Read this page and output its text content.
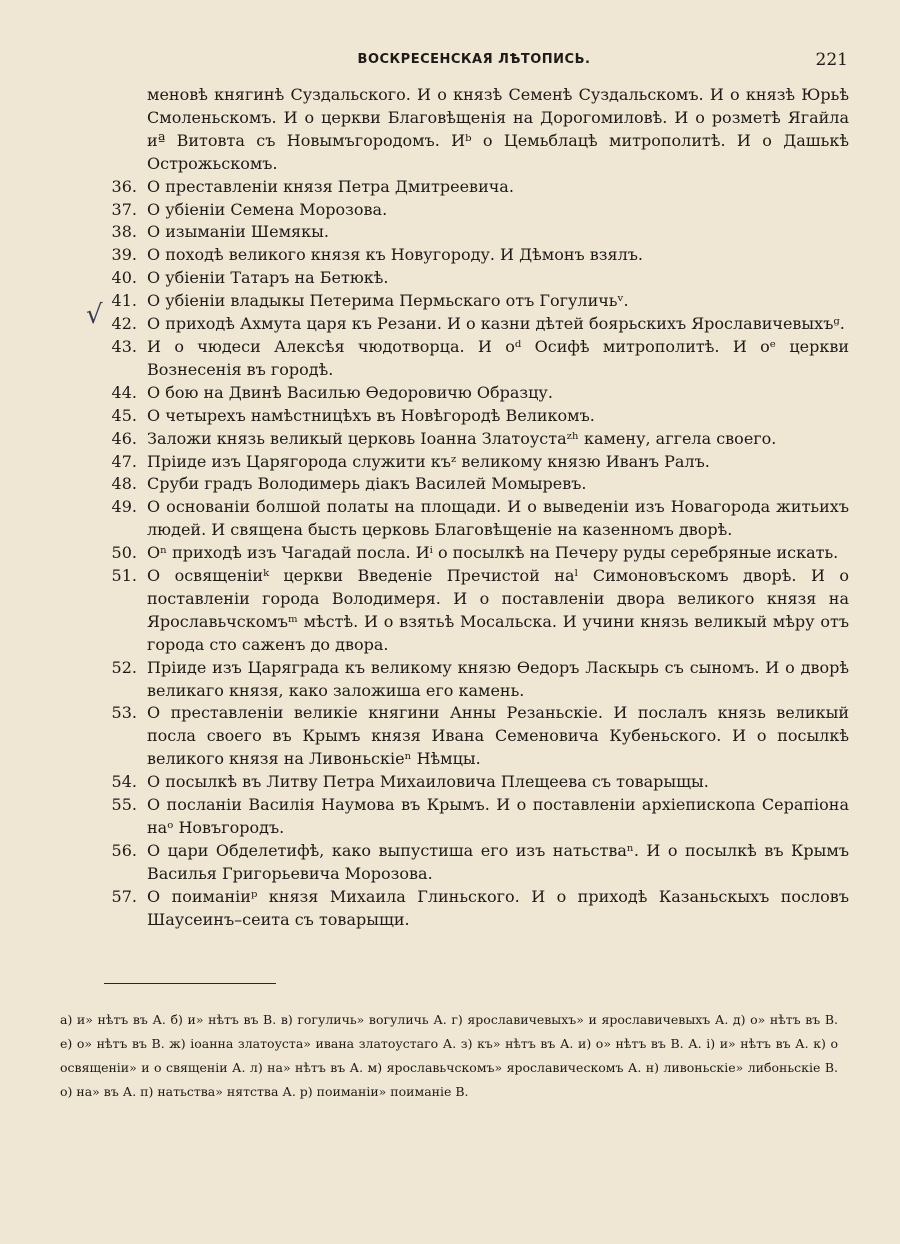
ВОСКРЕСЕНСКАЯ ЛѢТОПИСЬ.	221
√
меновѣ княгинѣ Суздальского. И о князѣ Семенѣ Суздальскомъ. И о князѣ Юрьѣ Смоленьскомъ. И о церкви Благовѣщенія на Дорогомиловѣ. И о розметѣ Ягайла иª Витовта съ Новымъгородомъ. Иᵇ о Цемьблацѣ митрополитѣ. И о Дашькѣ Острожьскомъ.
36. О преставленіи князя Петра Дмитреевича.
37. О убіеніи Семена Морозова.
38. О изыманіи Шемякы.
39. О походѣ великого князя къ Новугороду. И Дѣмонъ взялъ.
40. О убіеніи Татаръ на Бетюкѣ.
41. О убіеніи владыкы Петерима Пермьскаго отъ Гогуличьᵛ.
42. О приходѣ Ахмута царя къ Резани. И о казни дѣтей боярьскихъ Ярославичевыхъᵍ.
43. И о чюдеси Алексѣя чюдотворца. И оᵈ Осифѣ митрополитѣ. И оᵉ церкви Вознесенія въ городѣ.
44. О бою на Двинѣ Василью Ѳедоровичю Образцу.
45. О четырехъ намѣстницѣхъ въ Новѣгородѣ Великомъ.
46. Заложи князь великый церковь Іоанна Златоустаᶻʰ камену, аггела своего.
47. Пріиде изъ Царягорода служити къᶻ великому князю Иванъ Ралъ.
48. Сруби градъ Володимерь діакъ Василей Момыревъ.
49. О основаніи болшой полаты на площади. И о выведеніи изъ Новагорода житьихъ людей. И священа бысть церковь Благовѣщеніе на казенномъ дворѣ.
50. Оⁿ приходѣ изъ Чагадай посла. Иⁱ о посылкѣ на Печеру руды серебряные искать.
51. О освященіиᵏ церкви Введеніе Пречистой наˡ Симоновъскомъ дворѣ. И о поставленіи города Володимеря. И о поставленіи двора великого князя на Ярославьчскомъᵐ мѣстѣ. И о взятьѣ Мосальска. И учини князь великый мѣру отъ города сто саженъ до двора.
52. Пріиде изъ Царяграда къ великому князю Ѳедоръ Ласкырь съ сыномъ. И о дворѣ великаго князя, како заложиша его камень.
53. О преставленіи великіе княгини Анны Резаньскіе. И послалъ князь великый посла своего въ Крымъ князя Ивана Семеновича Кубеньского. И о посылкѣ великого князя на Ливоньскіеⁿ Нѣмцы.
54. О посылкѣ въ Литву Петра Михаиловича Плещеева съ товарыщы.
55. О посланіи Василія Наумова въ Крымъ. И о поставленіи архіепископа Серапіона наᵒ Новъгородъ.
56. О цари Обделетифѣ, како выпустиша его изъ натьстваⁿ. И о посылкѣ въ Крымъ Василья Григорьевича Морозова.
57. О поиманіиᵖ князя Михаила Глиньского. И о приходѣ Казаньскыхъ пословъ Шаусеинъ–сеита съ товарыщи.
а) и» нѣтъ въ А. б) и» нѣтъ въ В. в) гогуличь» вогуличь А. г) ярославичевыхъ» и ярославичевыхъ А. д) о» нѣтъ въ В. е) о» нѣтъ въ В. ж) іоанна златоуста» ивана златоустаго А. з) къ» нѣтъ въ А. и) о» нѣтъ въ В. А. і) и» нѣтъ въ А. к) о освященіи» и о священіи А. л) на» нѣтъ въ А. м) ярославьчскомъ» ярославическомъ А. н) ливоньскіе» либоньскіе В. о) на» въ А. п) натьства» нятства А. р) поиманіи» поиманіе В.
